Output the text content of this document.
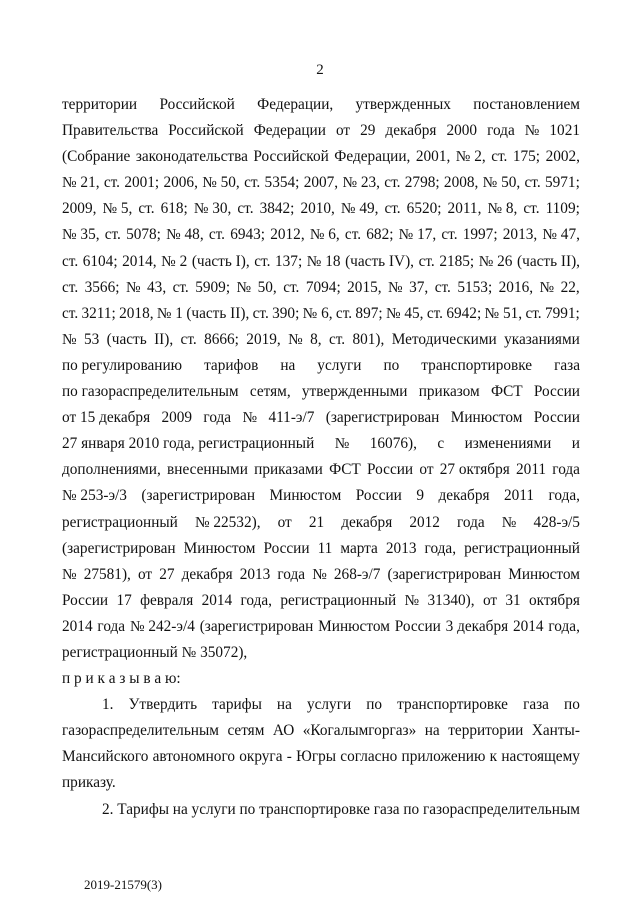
2
территории Российской Федерации, утвержденных постановлением
Правительства Российской Федерации от 29 декабря 2000 года № 1021
(Собрание законодательства Российской Федерации, 2001, № 2, ст. 175; 2002,
№ 21, ст. 2001; 2006, № 50, ст. 5354; 2007, № 23, ст. 2798; 2008, № 50, ст. 5971;
2009, № 5, ст. 618; № 30, ст. 3842; 2010, № 49, ст. 6520; 2011, № 8, ст. 1109;
№ 35, ст. 5078; № 48, ст. 6943; 2012, № 6, ст. 682; № 17, ст. 1997; 2013, № 47,
ст. 6104; 2014, № 2 (часть I), ст. 137; № 18 (часть IV), ст. 2185; № 26 (часть II),
ст. 3566; № 43, ст. 5909; № 50, ст. 7094; 2015, № 37, ст. 5153; 2016, № 22,
ст. 3211; 2018, № 1 (часть II), ст. 390; № 6, ст. 897; № 45, ст. 6942; № 51, ст. 7991;
№ 53 (часть II), ст. 8666; 2019, № 8, ст. 801), Методическими указаниями
по регулированию тарифов на услуги по транспортировке газа
по газораспределительным сетям, утвержденными приказом ФСТ России
от 15 декабря 2009 года № 411-э/7 (зарегистрирован Минюстом России
27 января 2010 года, регистрационный № 16076), с изменениями и
дополнениями, внесенными приказами ФСТ России от 27 октября 2011 года
№ 253-э/3 (зарегистрирован Минюстом России 9 декабря 2011 года,
регистрационный № 22532), от 21 декабря 2012 года № 428-э/5
(зарегистрирован Минюстом России 11 марта 2013 года, регистрационный
№ 27581), от 27 декабря 2013 года № 268-э/7 (зарегистрирован Минюстом
России 17 февраля 2014 года, регистрационный № 31340), от 31 октября
2014 года № 242-э/4 (зарегистрирован Минюстом России 3 декабря 2014 года,
регистрационный № 35072),
п р и к а з ы в а ю:
1. Утвердить тарифы на услуги по транспортировке газа по
газораспределительным сетям АО «Когалымгоргаз» на территории Ханты-
Мансийского автономного округа - Югры согласно приложению к настоящему
приказу.
2. Тарифы на услуги по транспортировке газа по газораспределительным
2019-21579(3)
